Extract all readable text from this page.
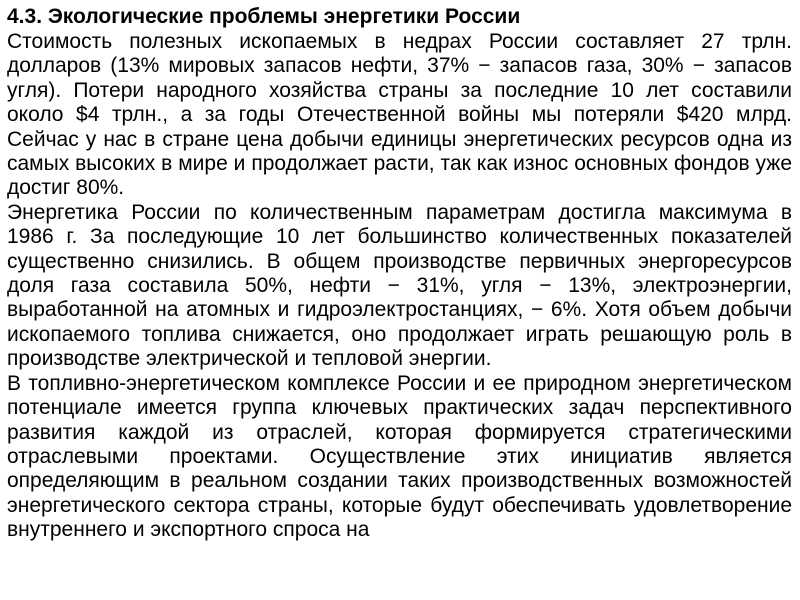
4.3. Экологические проблемы энергетики России

Стоимость полезных ископаемых в недрах России составляет 27 трлн. долларов (13% мировых запасов нефти, 37% − запасов газа, 30% − запасов угля). Потери народного хозяйства страны за последние 10 лет составили около $4 трлн., а за годы Отечественной войны мы потеряли $420 млрд. Сейчас у нас в стране цена добычи единицы энергетических ресурсов одна из самых высоких в мире и продолжает расти, так как износ основных фондов уже достиг 80%.

Энергетика России по количественным параметрам достигла максимума в 1986 г. За последующие 10 лет большинство количественных показателей существенно снизились. В общем производстве первичных энергоресурсов доля газа составила 50%, нефти − 31%, угля − 13%, электроэнергии, выработанной на атомных и гидроэлектростанциях, − 6%. Хотя объем добычи ископаемого топлива снижается, оно продолжает играть решающую роль в производстве электрической и тепловой энергии.

В топливно-энергетическом комплексе России и ее природном энергетическом потенциале имеется группа ключевых практических задач перспективного развития каждой из отраслей, которая формируется стратегическими отраслевыми проектами. Осуществление этих инициатив является определяющим в реальном создании таких производственных возможностей энергетического сектора страны, которые будут обеспечивать удовлетворение внутреннего и экспортного спроса на
